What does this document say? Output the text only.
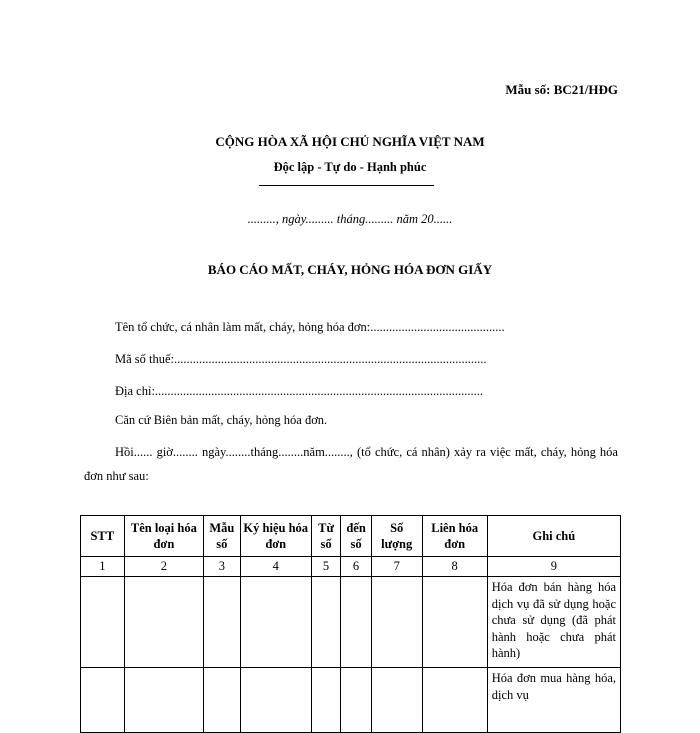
Mẫu số: BC21/HĐG
CỘNG HÒA XÃ HỘI CHỦ NGHĨA VIỆT NAM
Độc lập - Tự do - Hạnh phúc
........., ngày......... tháng......... năm 20......
BÁO CÁO MẤT, CHÁY, HỎNG HÓA ĐƠN GIẤY
Tên tổ chức, cá nhân làm mất, cháy, hỏng hóa đơn:...........................................
Mã số thuế:....................................................................................................
Địa chỉ:.........................................................................................................
Căn cứ Biên bản mất, cháy, hỏng hóa đơn.
Hồi...... giờ........ ngày........tháng........năm........, (tổ chức, cá nhân) xảy ra việc mất, cháy, hỏng hóa đơn như sau:
STT	Tên loại hóa đơn	Mẫu số	Ký hiệu hóa đơn	Từ số	đến số	Số lượng	Liên hóa đơn	Ghi chú
1	2	3	4	5	6	7	8	9
								Hóa đơn bán hàng hóa dịch vụ đã sử dụng hoặc chưa sử dụng (đã phát hành hoặc chưa phát hành)
								Hóa đơn mua hàng hóa, dịch vụ
